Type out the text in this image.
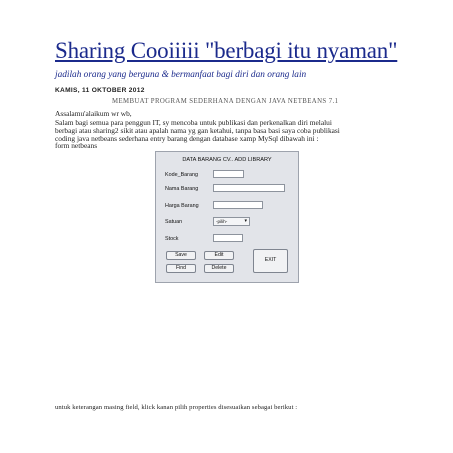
Sharing Cooiiiii "berbagi itu nyaman"
jadilah orang yang berguna & bermanfaat bagi diri dan orang lain
KAMIS, 11 OKTOBER 2012
MEMBUAT PROGRAM SEDERHANA DENGAN JAVA NETBEANS 7.1
Assalamu'alaikum wr wb,
Salam bagi semua para penggun IT, sy mencoba untuk publikasi dan perkenalkan diri melalui
berbagi atau sharing2 sikit atau apalah nama yg gan ketahui, tanpa basa basi saya coba publikasi
coding java netbeans sederhana entry barang dengan database xamp MySql dibawah ini :
form netbeans
DATA BARANG CV.. ADD LIBRARY
Kode_Barang
Nama Barang
Harga Barang
Satuan	-pilih-	▾
Stock
Save	Edit
Find	Delete
EXIT
untuk keterangan masing field, klick kanan pilih properties disesuaikan sebagai berikut :
